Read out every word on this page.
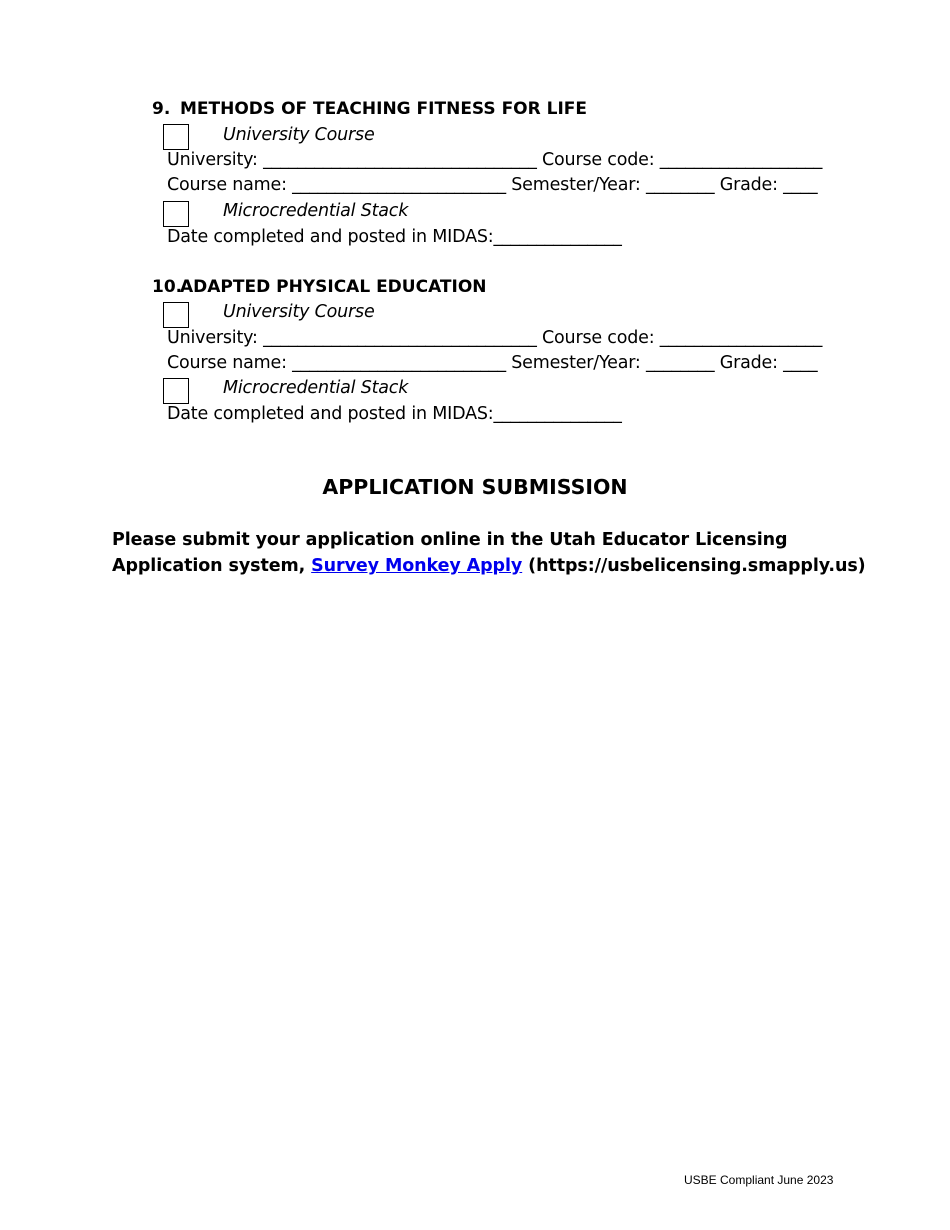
9. METHODS OF TEACHING FITNESS FOR LIFE
University Course
University: ________________________________ Course code: ___________________
Course name: _________________________ Semester/Year: ________ Grade: ____
Microcredential Stack
Date completed and posted in MIDAS:_______________
10.
ADAPTED PHYSICAL EDUCATION
University Course
University: ________________________________ Course code: ___________________
Course name: _________________________ Semester/Year: ________ Grade: ____
Microcredential Stack
Date completed and posted in MIDAS:_______________
APPLICATION SUBMISSION
Please submit your application online in the Utah Educator Licensing
Application system, Survey Monkey Apply (https://usbelicensing.smapply.us)
USBE Compliant June 2023
